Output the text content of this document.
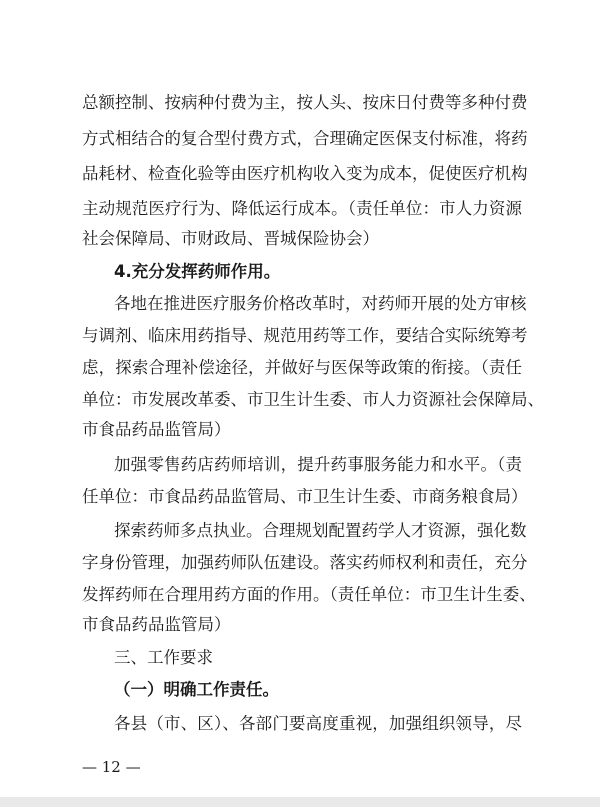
总额控制、按病种付费为主，按人头、按床日付费等多种付费
方式相结合的复合型付费方式，合理确定医保支付标准，将药
品耗材、检查化验等由医疗机构收入变为成本，促使医疗机构
主动规范医疗行为、降低运行成本。（责任单位：市人力资源
社会保障局、市财政局、晋城保险协会）
4.充分发挥药师作用。
各地在推进医疗服务价格改革时，对药师开展的处方审核
与调剂、临床用药指导、规范用药等工作，要结合实际统筹考
虑，探索合理补偿途径，并做好与医保等政策的衔接。（责任
单位：市发展改革委、市卫生计生委、市人力资源社会保障局、
市食品药品监管局）
加强零售药店药师培训，提升药事服务能力和水平。（责
任单位：市食品药品监管局、市卫生计生委、市商务粮食局）
探索药师多点执业。合理规划配置药学人才资源，强化数
字身份管理，加强药师队伍建设。落实药师权利和责任，充分
发挥药师在合理用药方面的作用。（责任单位：市卫生计生委、
市食品药品监管局）
三、工作要求
（一）明确工作责任。
各县（市、区）、各部门要高度重视，加强组织领导，尽
— 12 —
